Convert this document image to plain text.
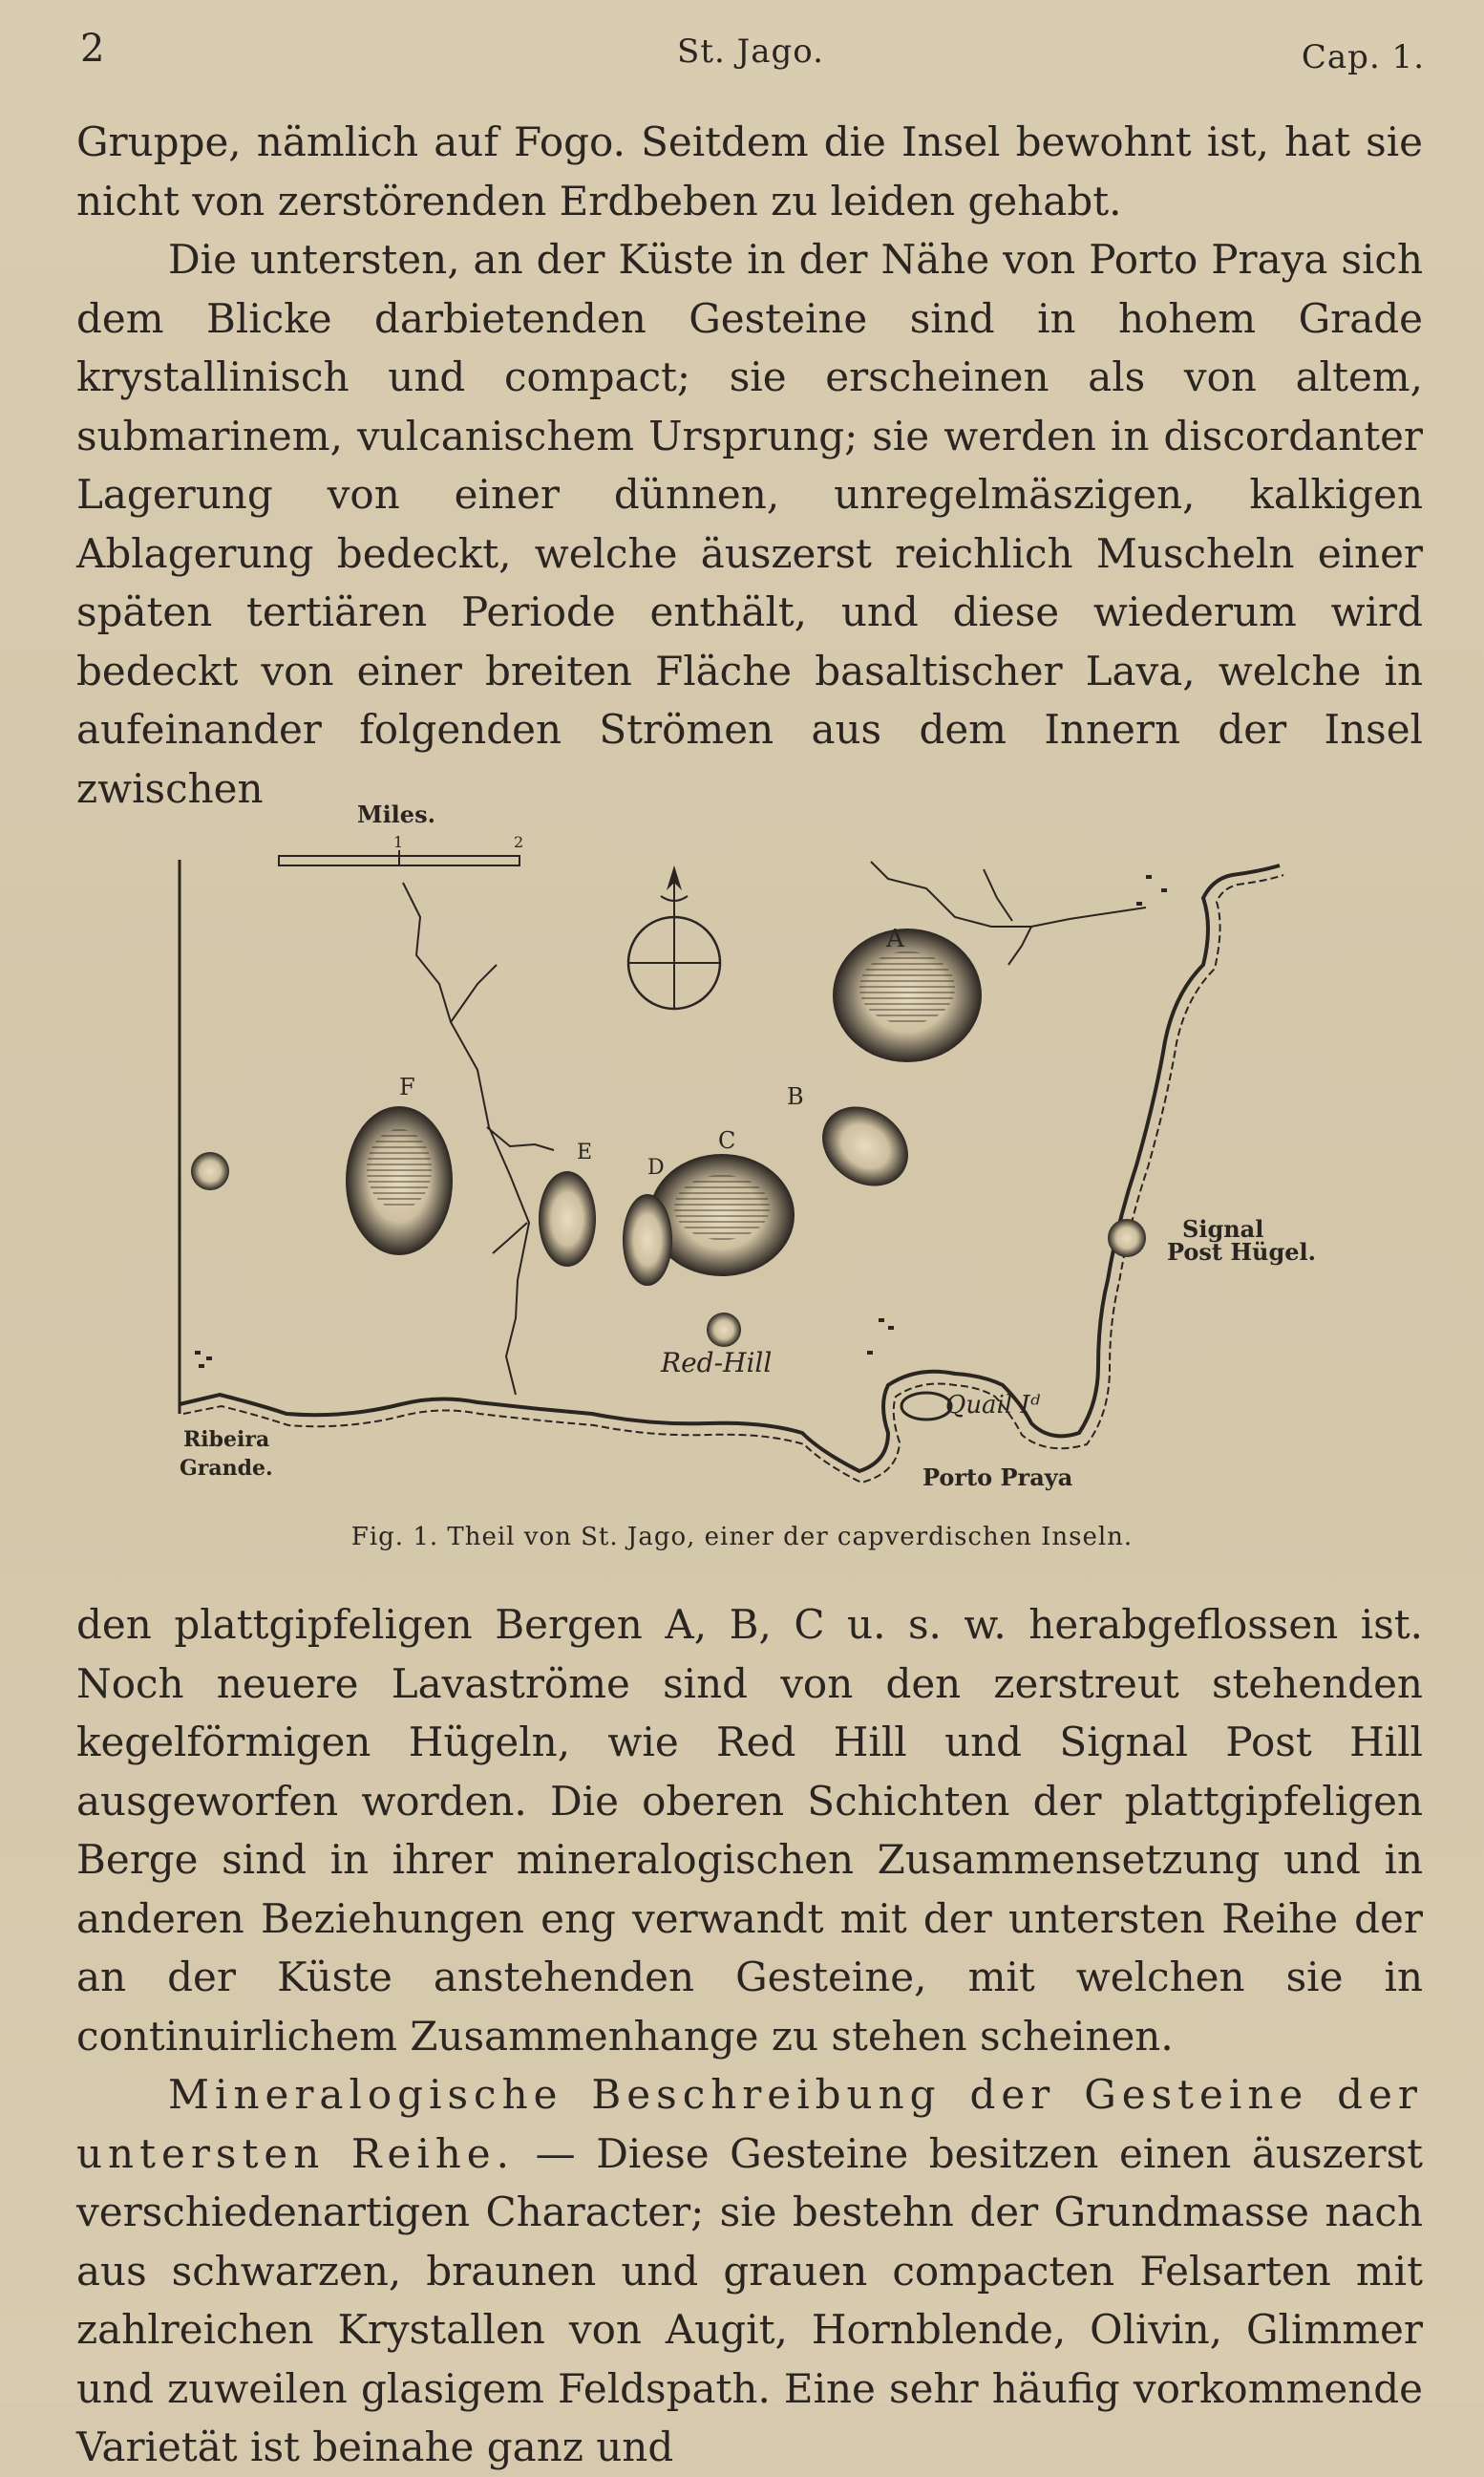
2	St. Jago.	Cap. 1.

Gruppe, nämlich auf Fogo. Seitdem die Insel bewohnt ist, hat sie nicht von zerstörenden Erdbeben zu leiden gehabt.

Die untersten, an der Küste in der Nähe von Porto Praya sich dem Blicke darbietenden Gesteine sind in hohem Grade krystallinisch und compact; sie erscheinen als von altem, submarinem, vulcanischem Ursprung; sie werden in discordanter Lagerung von einer dünnen, unregelmäszigen, kalkigen Ablagerung bedeckt, welche äuszerst reichlich Muscheln einer späten tertiären Periode enthält, und diese wiederum wird bedeckt von einer breiten Fläche basaltischer Lava, welche in aufeinander folgenden Strömen aus dem Innern der Insel zwischen

Miles.
1	2
A
B
C
D
E
F
Red-Hill
Signal
Post Hügel.
Quail Iᵈ
Porto Praya
Ribeira
Grande.
Fig. 1. Theil von St. Jago, einer der capverdischen Inseln.

den plattgipfeligen Bergen A, B, C u. s. w. herabgeflossen ist. Noch neuere Lavaströme sind von den zerstreut stehenden kegelförmigen Hügeln, wie Red Hill und Signal Post Hill ausgeworfen worden. Die oberen Schichten der plattgipfeligen Berge sind in ihrer mineralogischen Zusammensetzung und in anderen Beziehungen eng verwandt mit der untersten Reihe der an der Küste anstehenden Gesteine, mit welchen sie in continuirlichem Zusammenhange zu stehen scheinen.

Mineralogische Beschreibung der Gesteine der untersten Reihe. — Diese Gesteine besitzen einen äuszerst verschiedenartigen Character; sie bestehn der Grundmasse nach aus schwarzen, braunen und grauen compacten Felsarten mit zahlreichen Krystallen von Augit, Hornblende, Olivin, Glimmer und zuweilen glasigem Feldspath. Eine sehr häufig vorkommende Varietät ist beinahe ganz und
